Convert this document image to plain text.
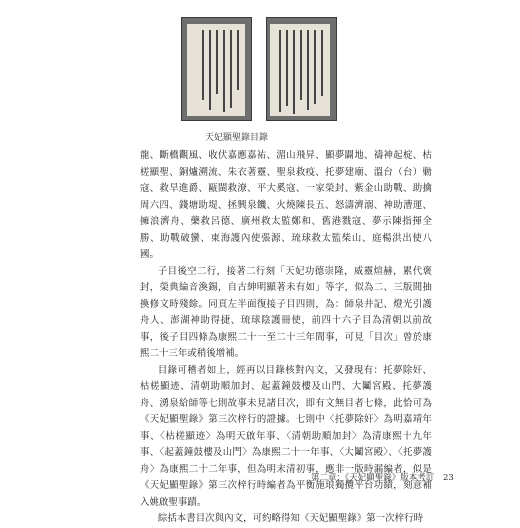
天妃顯聖錄目錄

龍、斷橋觀風、收伏嘉應嘉祐、湄山飛昇、顯夢闢地、禱神起椗、枯槎顯聖、銅爐溯流、朱衣著靈、聖泉救疫、托夢建廟、溫台（台）勦寇、救旱進爵、甌閩救潦、平大奚寇、一家榮封、紫金山助戰、助擒周六四、錢塘助堤、拯興泉饑、火燒陳長五、怒濤濟溺、神助漕運、擁浪濟舟、藥救呂德、廣州救太監鄭和、舊港戮寇、夢示陳指揮全勝、助戰破蠻、東海護內使張源、琉球救太監柴山、庭楊洪出使八國。

子目後空二行，接著二行刻「天妃功德崇隆，威靈煊赫，累代褒封，榮典綸音渙錫，自古紳明顯著未有如」等字，似為二、三版間抽換修文時殘餘。同頁左半面復接子目四則，為：師泉井記、燈光引護舟人、澎湖神助得捷、琉球陰護冊使，前四十六子目為清朝以前故事，後子目四條為康熙二十一至二十三年間事，可見「目次」曾於康熙二十三年或稍後增補。

目錄可稽者如上，經再以目錄核對內文，又發現有：托夢除奸、枯槎顯迹、清朝助順加封、起蓋鐘鼓樓及山門、大鬮宮殿、托夢護舟、湧泉給師等七則故事未見諸目次，即有文無目者七條，此恰可為《天妃顯聖錄》第三次梓行的證據。七則中〈托夢除奸〉為明嘉靖年事、〈枯槎顯迹〉為明天啟年事、〈清朝助順加封〉為清康熙十九年事、〈起蓋鐘鼓樓及山門〉為康熙二十一年事、〈大鬮宮殿〉、〈托夢護舟〉為康熙二十二年事，但為明末清初事，應非一版時漏編者，似是《天妃顯聖錄》第三次梓行時編者為平衡施琅獨攬平台功績，刻意補入姚啟聖事蹟。

綜括本書目次與內文，可約略得知《天妃顯聖錄》第一次梓行時

第二章：《天妃顯聖錄》版本考訂 23
